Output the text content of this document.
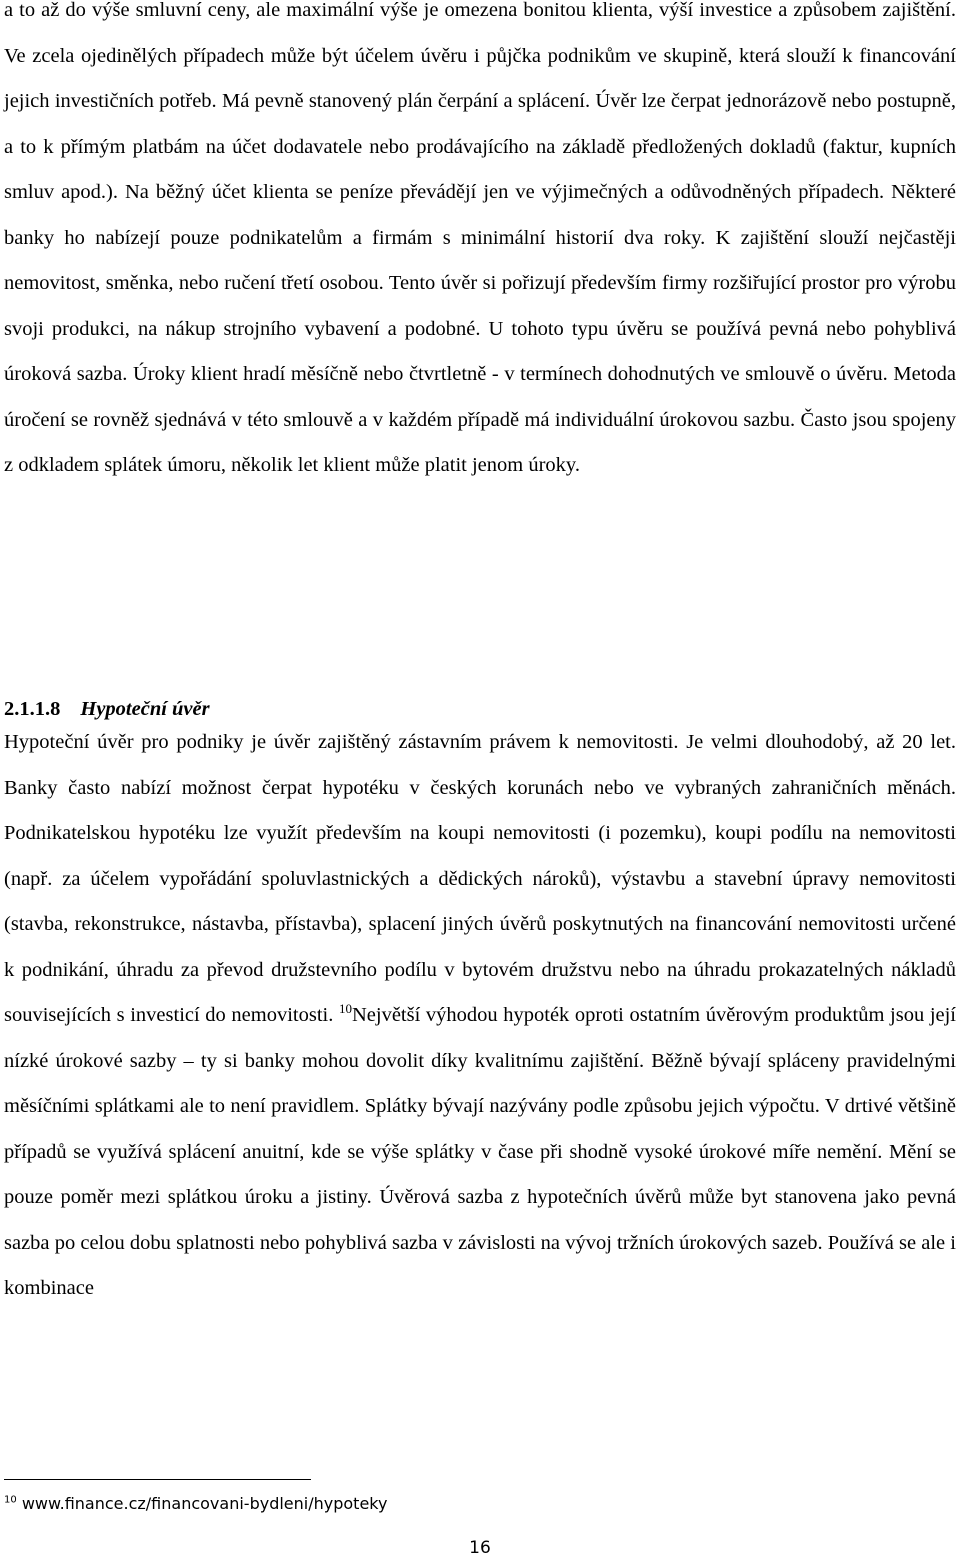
a to až do výše smluvní ceny, ale maximální výše je omezena bonitou klienta, výší investice a způsobem zajištění. Ve zcela ojedinělých případech může být účelem úvěru i půjčka podnikům ve skupině, která slouží k financování jejich investičních potřeb. Má pevně stanovený plán čerpání a splácení. Úvěr lze čerpat jednorázově nebo postupně, a to k přímým platbám na účet dodavatele nebo prodávajícího na základě předložených dokladů (faktur, kupních smluv apod.). Na běžný účet klienta se peníze převádějí jen ve výjimečných a odůvodněných případech. Některé banky ho nabízejí pouze podnikatelům a firmám s minimální historií dva roky. K zajištění slouží nejčastěji nemovitost, směnka, nebo ručení třetí osobou. Tento úvěr si pořizují především firmy rozšiřující prostor pro výrobu svoji produkci, na nákup strojního vybavení a podobné. U tohoto typu úvěru se používá pevná nebo pohyblivá úroková sazba. Úroky klient hradí měsíčně nebo čtvrtletně - v termínech dohodnutých ve smlouvě o úvěru. Metoda úročení se rovněž sjednává v této smlouvě a v každém případě má individuální úrokovou sazbu. Často jsou spojeny z odkladem splátek úmoru, několik let klient může platit jenom úroky.

2.1.1.8 Hypoteční úvěr

Hypoteční úvěr pro podniky je úvěr zajištěný zástavním právem k nemovitosti. Je velmi dlouhodobý, až 20 let. Banky často nabízí možnost čerpat hypotéku v českých korunách nebo ve vybraných zahraničních měnách. Podnikatelskou hypotéku lze využít především na koupi nemovitosti (i pozemku), koupi podílu na nemovitosti (např. za účelem vypořádání spoluvlastnických a dědických nároků), výstavbu a stavební úpravy nemovitosti (stavba, rekonstrukce, nástavba, přístavba), splacení jiných úvěrů poskytnutých na financování nemovitosti určené k podnikání, úhradu za převod družstevního podílu v bytovém družstvu nebo na úhradu prokazatelných nákladů souvisejících s investicí do nemovitosti. $^{10}$Největší výhodou hypoték oproti ostatním úvěrovým produktům jsou její nízké úrokové sazby – ty si banky mohou dovolit díky kvalitnímu zajištění. Běžně bývají spláceny pravidelnými měsíčními splátkami ale to není pravidlem. Splátky bývají nazývány podle způsobu jejich výpočtu. V drtivé většině případů se využívá splácení anuitní, kde se výše splátky v čase při shodně vysoké úrokové míře nemění. Mění se pouze poměr mezi splátkou úroku a jistiny. Úvěrová sazba z hypotečních úvěrů může byt stanovena jako pevná sazba po celou dobu splatnosti nebo pohyblivá sazba v závislosti na vývoj tržních úrokových sazeb. Používá se ale i kombinace

$^{10}$ www.finance.cz/financovani-bydleni/hypoteky

16
